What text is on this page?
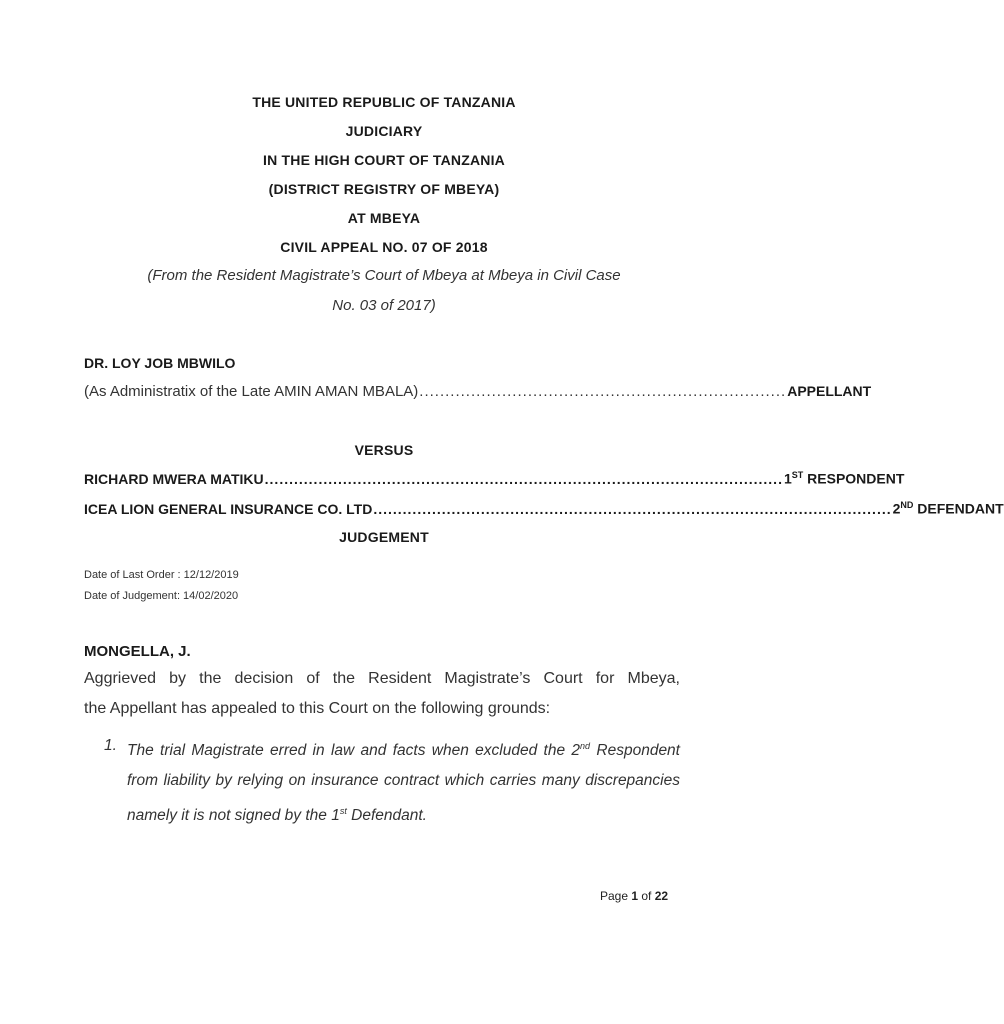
THE UNITED REPUBLIC OF TANZANIA
JUDICIARY
IN THE HIGH COURT OF TANZANIA
(DISTRICT REGISTRY OF MBEYA)
AT MBEYA
CIVIL APPEAL NO. 07 OF 2018
(From the Resident Magistrate’s Court of Mbeya at Mbeya in Civil Case
No. 03 of 2017)
DR. LOY JOB MBWILO
(As Administratix of the Late AMIN AMAN MBALA) ....................................................................... APPELLANT
VERSUS
RICHARD MWERA MATIKU .......................................................................................................... 1ST RESPONDENT
ICEA LION GENERAL INSURANCE CO. LTD .......................................................................................................... 2ND DEFENDANT
JUDGEMENT
Date of Last Order : 12/12/2019
Date of Judgement: 14/02/2020
MONGELLA, J.
Aggrieved by the decision of the Resident Magistrate’s Court for Mbeya,
the Appellant has appealed to this Court on the following grounds:
1. The trial Magistrate erred in law and facts when excluded the 2nd Respondent from liability by relying on insurance contract which carries many discrepancies namely it is not signed by the 1st Defendant.
Page 1 of 22
